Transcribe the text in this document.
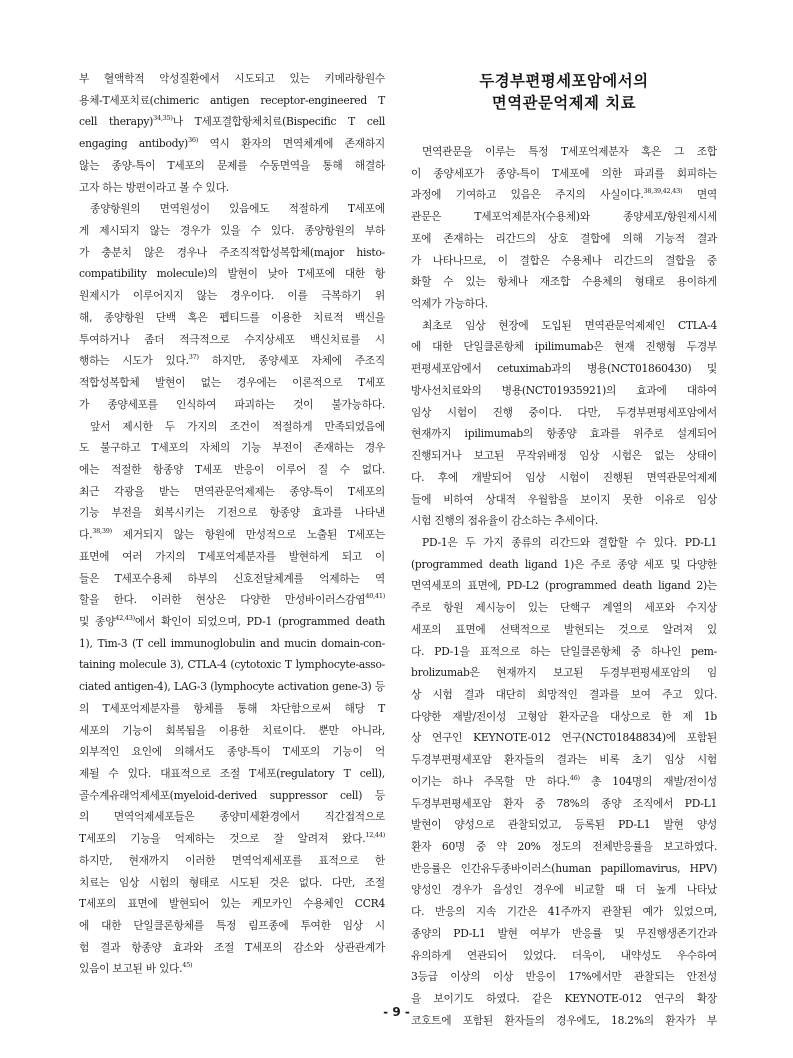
부 혈액학적 악성질환에서 시도되고 있는 키메라항원수
용체-T세포치료(chimeric antigen receptor-engineered T
cell therapy)$^{34,35)}$나 T세포결합항체치료(Bispecific T cell
engaging antibody)$^{36)}$ 역시 환자의 면역체계에 존재하지
않는 종양-특이 T세포의 문제를 수동면역을 통해 해결하
고자 하는 방편이라고 볼 수 있다.
종양항원의 면역원성이 있음에도 적절하게 T세포에
게 제시되지 않는 경우가 있을 수 있다. 종양항원의 부하
가 충분치 않은 경우나 주조직적합성복합체(major histo-
compatibility molecule)의 발현이 낮아 T세포에 대한 항
원제시가 이루어지지 않는 경우이다. 이를 극복하기 위
해, 종양항원 단백 혹은 펩티드를 이용한 치료적 백신을
투여하거나 좀더 적극적으로 수지상세포 백신치료를 시
행하는 시도가 있다.$^{37)}$ 하지만, 종양세포 자체에 주조직
적합성복합체 발현이 없는 경우에는 이론적으로 T세포
가 종양세포를 인식하여 파괴하는 것이 불가능하다.
앞서 제시한 두 가지의 조건이 적절하게 만족되었음에
도 불구하고 T세포의 자체의 기능 부전이 존재하는 경우
에는 적절한 항종양 T세포 반응이 이루어 질 수 없다.
최근 각광을 받는 면역관문억제제는 종양-특이 T세포의
기능 부전을 회복시키는 기전으로 항종양 효과를 나타낸
다.$^{38,39)}$ 제거되지 않는 항원에 만성적으로 노출된 T세포는
표면에 여러 가지의 T세포억제분자를 발현하게 되고 이
들은 T세포수용체 하부의 신호전달체계를 억제하는 역
할을 한다. 이러한 현상은 다양한 만성바이러스감염$^{40,41)}$
및 종양$^{42,43)}$에서 확인이 되었으며, PD-1 (programmed death
1), Tim-3 (T cell immunoglobulin and mucin domain-con-
taining molecule 3), CTLA-4 (cytotoxic T lymphocyte-asso-
ciated antigen-4), LAG-3 (lymphocyte activation gene-3) 등
의 T세포억제분자를 항체를 통해 차단함으로써 해당 T
세포의 기능이 회복됨을 이용한 치료이다. 뿐만 아니라,
외부적인 요인에 의해서도 종양-특이 T세포의 기능이 억
제될 수 있다. 대표적으로 조절 T세포(regulatory T cell),
골수계유래억제세포(myeloid-derived suppressor cell) 등
의 면역억제세포들은 종양미세환경에서 직간접적으로
T세포의 기능을 억제하는 것으로 잘 알려져 왔다.$^{12,44)}$
하지만, 현재까지 이러한 면역억제세포를 표적으로 한
치료는 임상 시험의 형태로 시도된 것은 없다. 다만, 조절
T세포의 표면에 발현되어 있는 케모카인 수용체인 CCR4
에 대한 단일클론항체를 특정 림프종에 투여한 임상 시
험 결과 항종양 효과와 조절 T세포의 감소와 상관관계가
있음이 보고된 바 있다.$^{45)}$
두경부편평세포암에서의
면역관문억제제 치료
면역관문을 이루는 특정 T세포억제분자 혹은 그 조합
이 종양세포가 종양-특이 T세포에 의한 파괴를 회피하는
과정에 기여하고 있음은 주지의 사실이다.$^{38,39,42,43)}$ 면역
관문은 T세포억제분자(수용체)와 종양세포/항원제시세
포에 존재하는 리간드의 상호 결합에 의해 기능적 결과
가 나타나므로, 이 결합은 수용체나 리간드의 결합을 중
화할 수 있는 항체나 재조합 수용체의 형태로 용이하게
억제가 가능하다.
최초로 임상 현장에 도입된 면역관문억제제인 CTLA-4
에 대한 단일클론항체 ipilimumab은 현재 진행형 두경부
편평세포암에서 cetuximab과의 병용(NCT01860430) 및
방사선치료와의 병용(NCT01935921)의 효과에 대하여
임상 시험이 진행 중이다. 다만, 두경부편평세포암에서
현재까지 ipilimumab의 항종양 효과를 위주로 설계되어
진행되거나 보고된 무작위배정 임상 시험은 없는 상태이
다. 후에 개발되어 임상 시험이 진행된 면역관문억제제
들에 비하여 상대적 우월함을 보이지 못한 이유로 임상
시험 진행의 점유율이 감소하는 추세이다.
PD-1은 두 가지 종류의 리간드와 결합할 수 있다. PD-L1
(programmed death ligand 1)은 주로 종양 세포 및 다양한
면역세포의 표면에, PD-L2 (programmed death ligand 2)는
주로 항원 제시능이 있는 단핵구 계열의 세포와 수지상
세포의 표면에 선택적으로 발현되는 것으로 알려져 있
다. PD-1을 표적으로 하는 단일클론항체 중 하나인 pem-
brolizumab은 현재까지 보고된 두경부편평세포암의 임
상 시험 결과 대단히 희망적인 결과를 보여 주고 있다.
다양한 재발/전이성 고형암 환자군을 대상으로 한 제 1b
상 연구인 KEYNOTE-012 연구(NCT01848834)에 포함된
두경부편평세포암 환자들의 결과는 비록 초기 임상 시험
이기는 하나 주목할 만 하다.$^{46)}$ 총 104명의 재발/전이성
두경부편평세포암 환자 중 78%의 종양 조직에서 PD-L1
발현이 양성으로 관찰되었고, 등록된 PD-L1 발현 양성
환자 60명 중 약 20% 정도의 전체반응률을 보고하였다.
반응률은 인간유두종바이러스(human papillomavirus, HPV)
양성인 경우가 음성인 경우에 비교할 때 더 높게 나타났
다. 반응의 지속 기간은 41주까지 관찰된 예가 있었으며,
종양의 PD-L1 발현 여부가 반응률 및 무진행생존기간과
유의하게 연관되어 있었다. 더욱이, 내약성도 우수하여
3등급 이상의 이상 반응이 17%에서만 관찰되는 안전성
을 보이기도 하였다. 같은 KEYNOTE-012 연구의 확장
코호트에 포함된 환자들의 경우에도, 18.2%의 환자가 부
- 9 -
